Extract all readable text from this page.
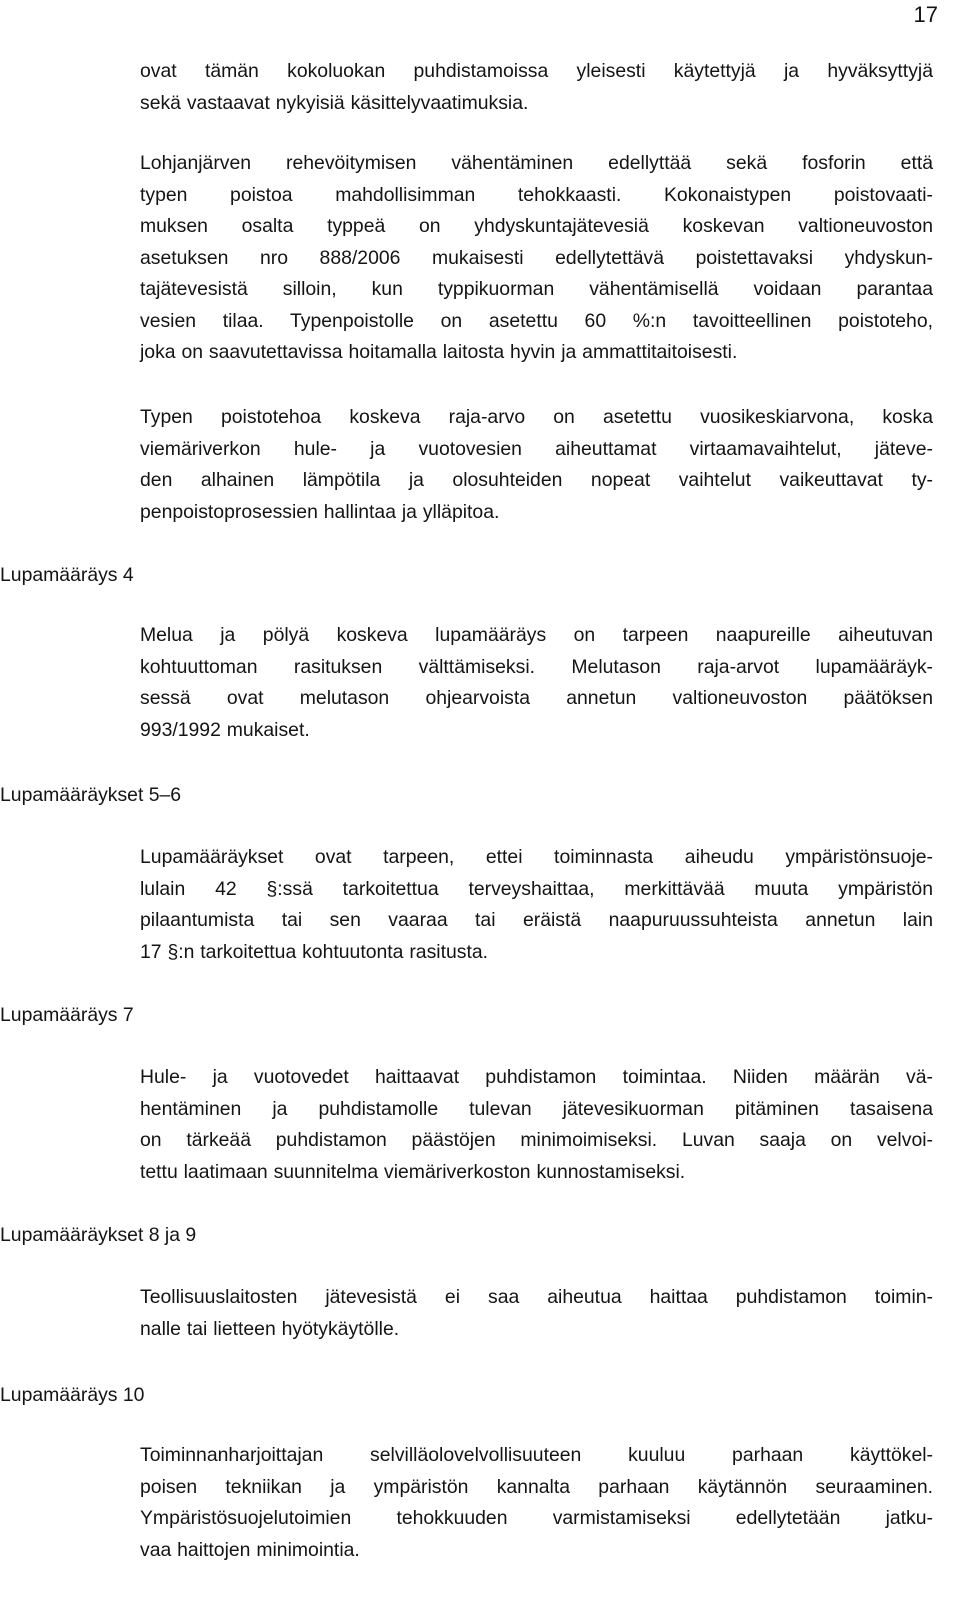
17

ovat tämän kokoluokan puhdistamoissa yleisesti käytettyjä ja hyväksyttyjä
sekä vastaavat nykyisiä käsittelyvaatimuksia.

Lohjanjärven rehevöitymisen vähentäminen edellyttää sekä fosforin että
typen poistoa mahdollisimman tehokkaasti. Kokonaistypen poistovaati-
muksen osalta typpeä on yhdyskuntajätevesiä koskevan valtioneuvoston
asetuksen nro 888/2006 mukaisesti edellytettävä poistettavaksi yhdyskun-
tajätevesistä silloin, kun typpikuorman vähentämisellä voidaan parantaa
vesien tilaa. Typenpoistolle on asetettu 60 %:n tavoitteellinen poistoteho,
joka on saavutettavissa hoitamalla laitosta hyvin ja ammattitaitoisesti.

Typen poistotehoa koskeva raja-arvo on asetettu vuosikeskiarvona, koska
viemäriverkon hule- ja vuotovesien aiheuttamat virtaamavaihtelut, jäteve-
den alhainen lämpötila ja olosuhteiden nopeat vaihtelut vaikeuttavat ty-
penpoistoprosessien hallintaa ja ylläpitoa.

Lupamääräys 4

Melua ja pölyä koskeva lupamääräys on tarpeen naapureille aiheutuvan
kohtuuttoman rasituksen välttämiseksi. Melutason raja-arvot lupamääräyk-
sessä ovat melutason ohjearvoista annetun valtioneuvoston päätöksen
993/1992 mukaiset.

Lupamääräykset 5–6

Lupamääräykset ovat tarpeen, ettei toiminnasta aiheudu ympäristönsuoje-
lulain 42 §:ssä tarkoitettua terveyshaittaa, merkittävää muuta ympäristön
pilaantumista tai sen vaaraa tai eräistä naapuruussuhteista annetun lain
17 §:n tarkoitettua kohtuutonta rasitusta.

Lupamääräys 7

Hule- ja vuotovedet haittaavat puhdistamon toimintaa. Niiden määrän vä-
hentäminen ja puhdistamolle tulevan jätevesikuorman pitäminen tasaisena
on tärkeää puhdistamon päästöjen minimoimiseksi. Luvan saaja on velvoi-
tettu laatimaan suunnitelma viemäriverkoston kunnostamiseksi.

Lupamääräykset 8 ja 9

Teollisuuslaitosten jätevesistä ei saa aiheutua haittaa puhdistamon toimin-
nalle tai lietteen hyötykäytölle.

Lupamääräys 10

Toiminnanharjoittajan selvilläolovelvollisuuteen kuuluu parhaan käyttökel-
poisen tekniikan ja ympäristön kannalta parhaan käytännön seuraaminen.
Ympäristösuojelutoimien tehokkuuden varmistamiseksi edellytetään jatku-
vaa haittojen minimointia.
